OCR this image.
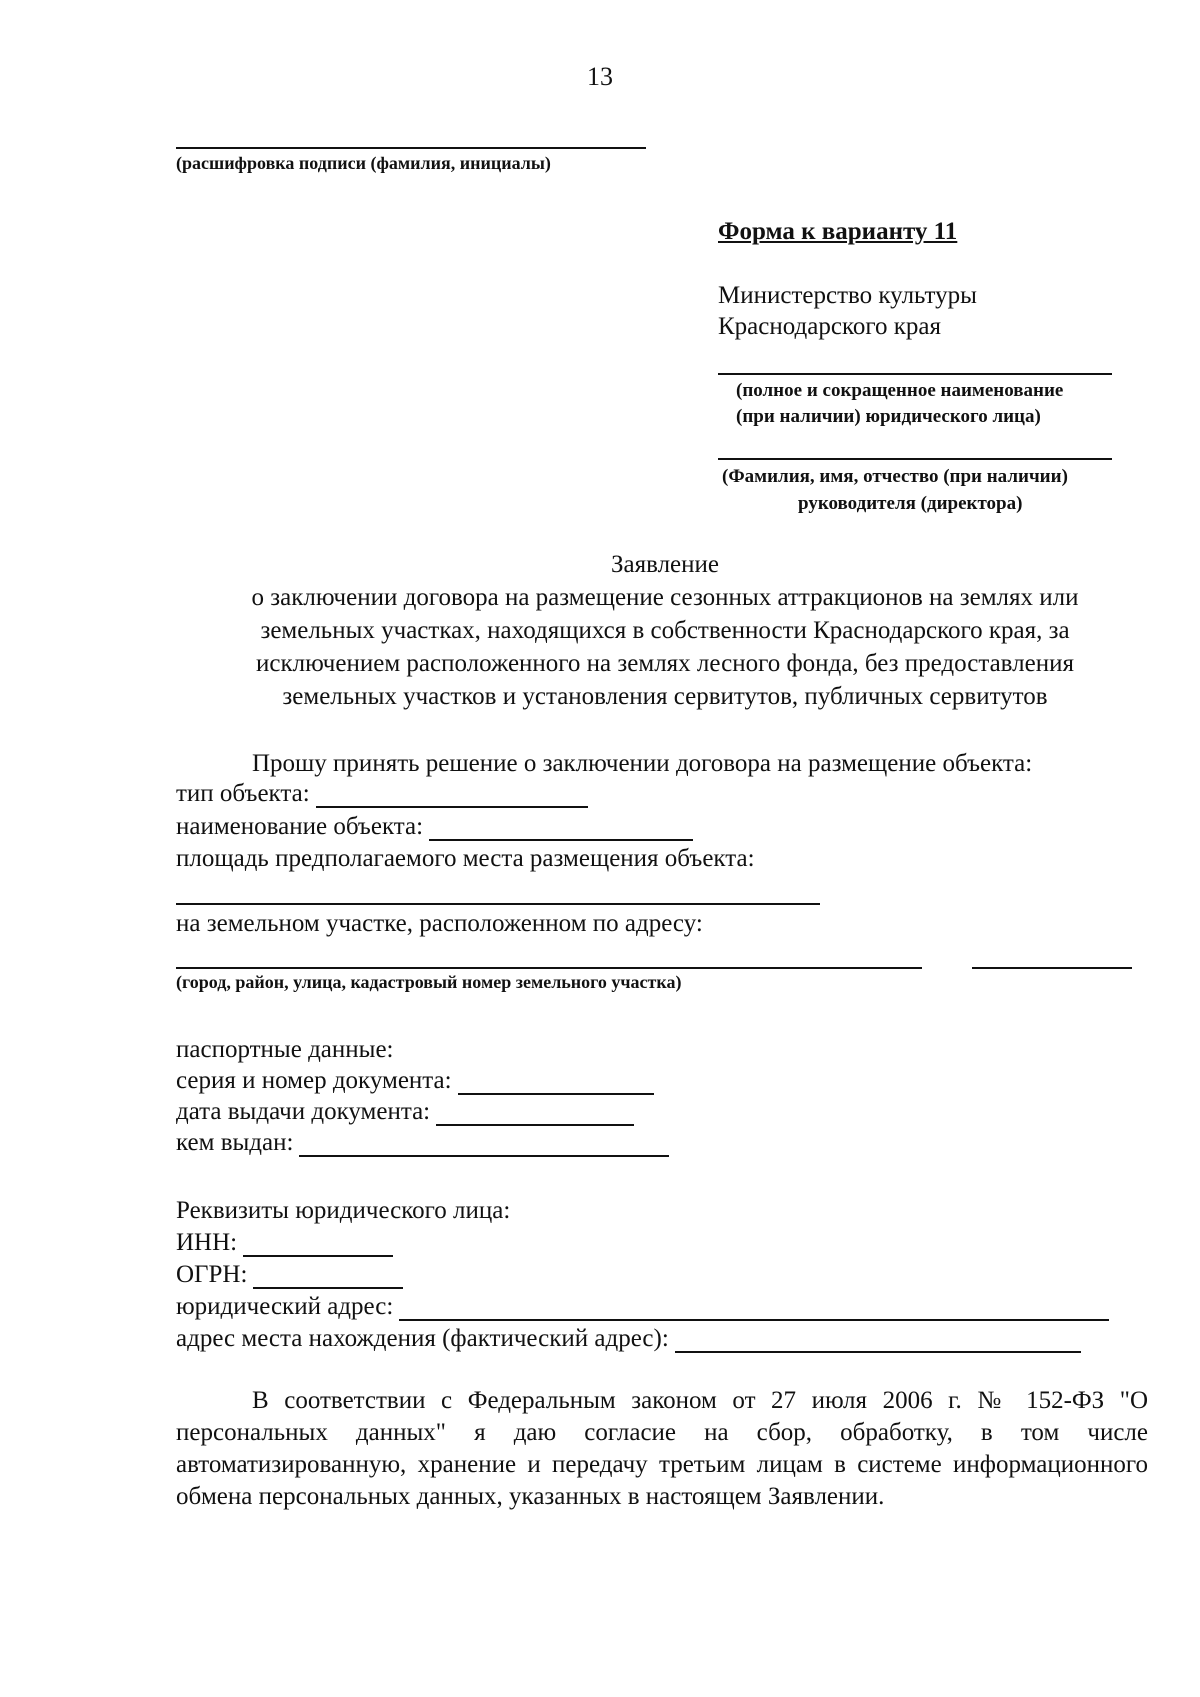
13
(расшифровка подписи (фамилия, инициалы)
Форма к варианту 11
Министерство культуры
Краснодарского края
(полное и сокращенное наименование
(при наличии) юридического лица)
(Фамилия, имя, отчество (при наличии)
руководителя (директора)
Заявление
о заключении договора на размещение сезонных аттракционов на землях или
земельных участках, находящихся в собственности Краснодарского края, за
исключением расположенного на землях лесного фонда, без предоставления
земельных участков и установления сервитутов, публичных сервитутов
Прошу принять решение о заключении договора на размещение объекта:
тип объекта:
наименование объекта:
площадь предполагаемого места размещения объекта:
на земельном участке, расположенном по адресу:
(город, район, улица, кадастровый номер земельного участка)
паспортные данные:
серия и номер документа:
дата выдачи документа:
кем выдан:
Реквизиты юридического лица:
ИНН:
ОГРН:
юридический адрес:
адрес места нахождения (фактический адрес):
В соответствии с Федеральным законом от 27 июля 2006 г. № 152-ФЗ "О персональных данных" я даю согласие на сбор, обработку, в том числе автоматизированную, хранение и передачу третьим лицам в системе информационного обмена персональных данных, указанных в настоящем Заявлении.
